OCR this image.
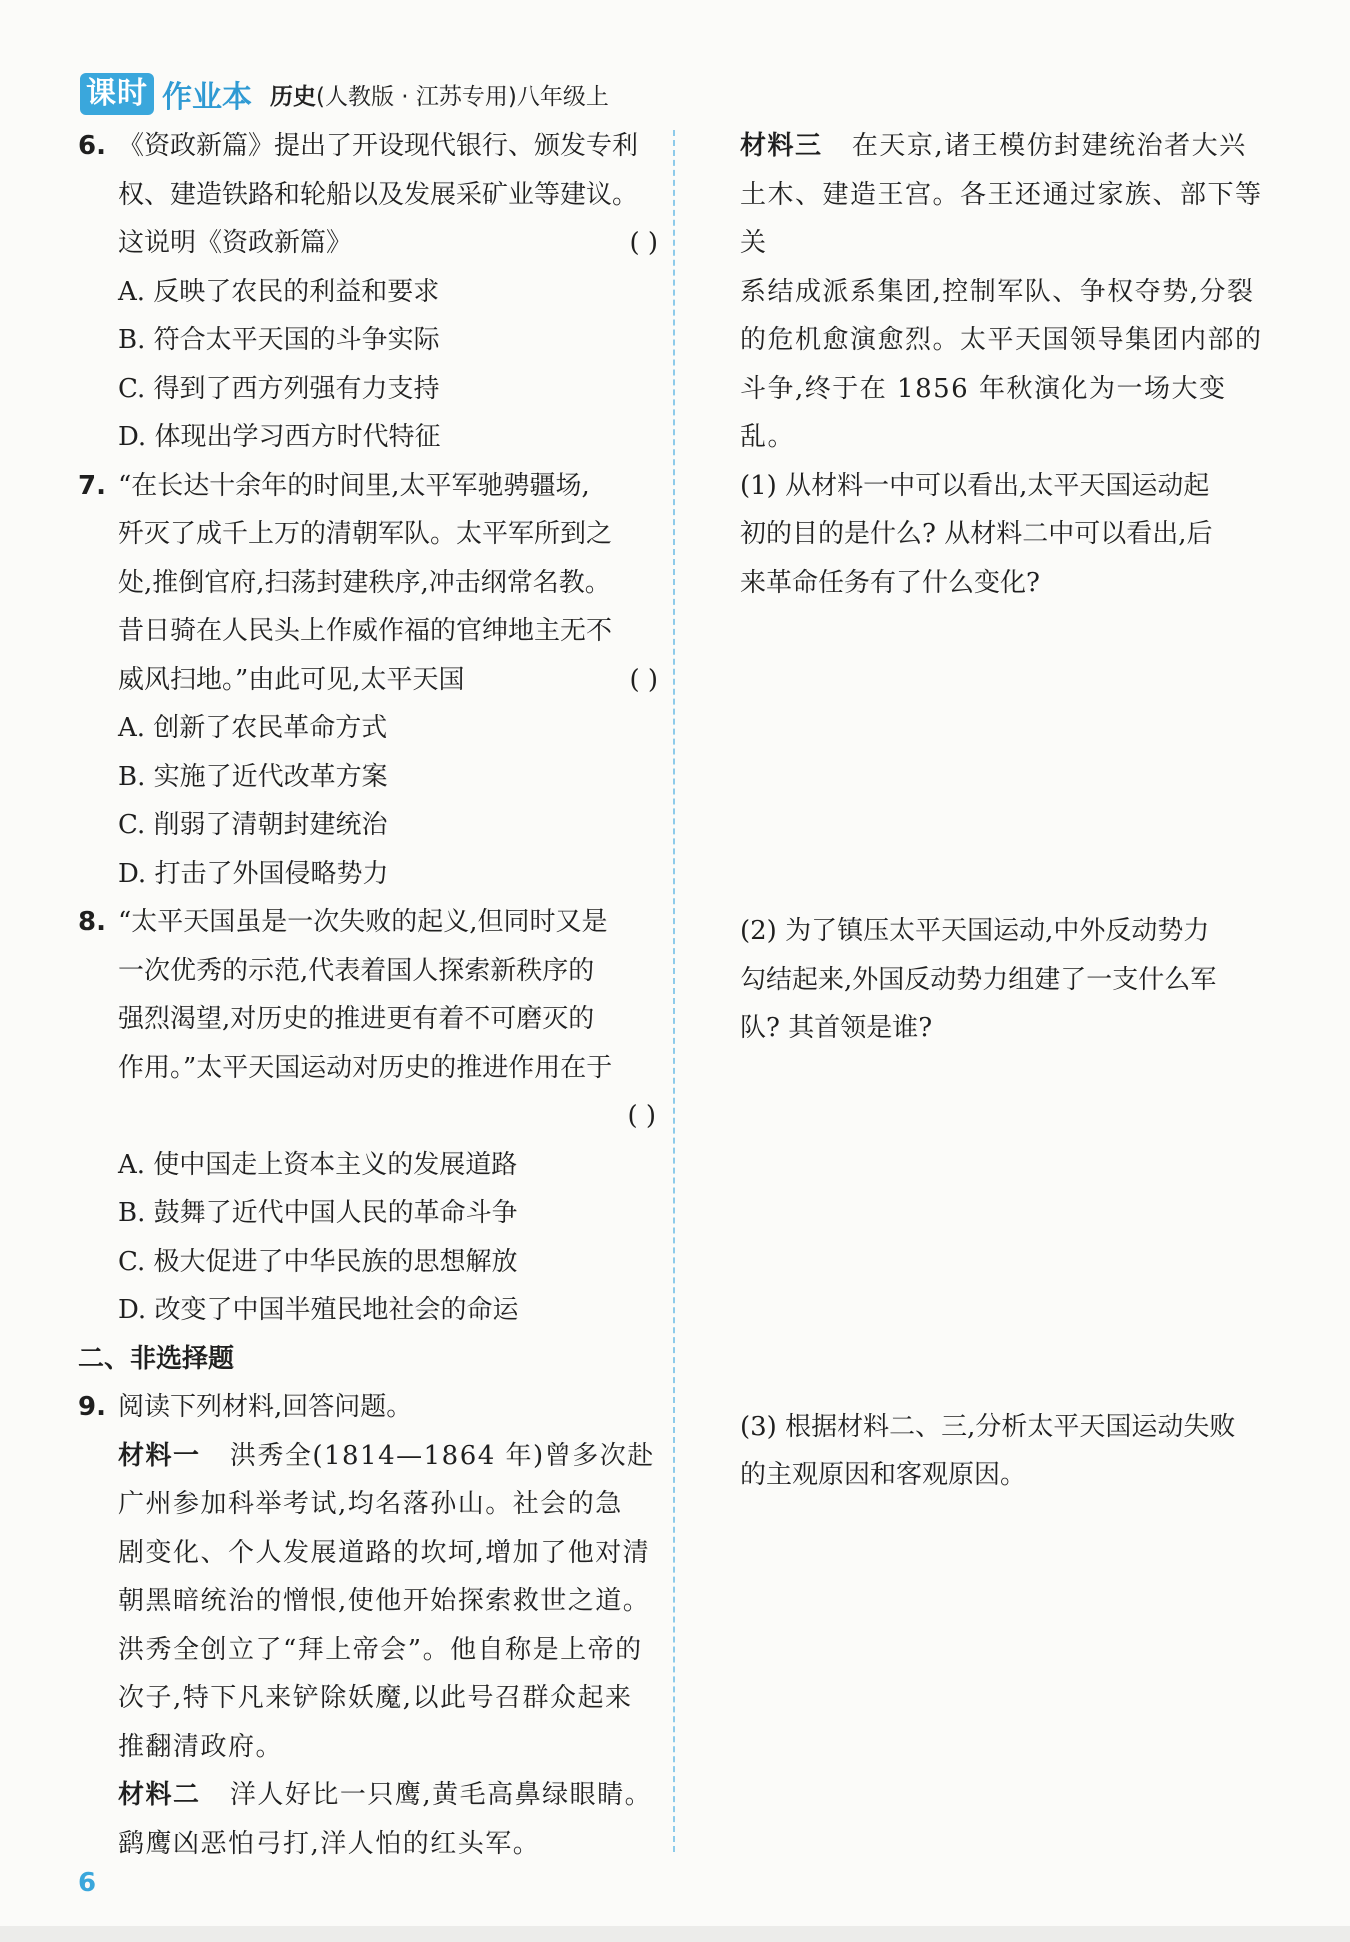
课时 作业本 历史 (人教版 · 江苏专用)八年级上
6. 《资政新篇》提出了开设现代银行、颁发专利
权、建造铁路和轮船以及发展采矿业等建议。
这说明《资政新篇》	( )
A. 反映了农民的利益和要求
B. 符合太平天国的斗争实际
C. 得到了西方列强有力支持
D. 体现出学习西方时代特征
7. “在长达十余年的时间里,太平军驰骋疆场,
歼灭了成千上万的清朝军队。太平军所到之
处,推倒官府,扫荡封建秩序,冲击纲常名教。
昔日骑在人民头上作威作福的官绅地主无不
威风扫地。”由此可见,太平天国	( )
A. 创新了农民革命方式
B. 实施了近代改革方案
C. 削弱了清朝封建统治
D. 打击了外国侵略势力
8. “太平天国虽是一次失败的起义,但同时又是
一次优秀的示范,代表着国人探索新秩序的
强烈渴望,对历史的推进更有着不可磨灭的
作用。”太平天国运动对历史的推进作用在于
( )
A. 使中国走上资本主义的发展道路
B. 鼓舞了近代中国人民的革命斗争
C. 极大促进了中华民族的思想解放
D. 改变了中国半殖民地社会的命运
二、非选择题
9. 阅读下列材料,回答问题。
材料一 洪秀全(1814—1864 年)曾多次赴
广州参加科举考试,均名落孙山。社会的急
剧变化、个人发展道路的坎坷,增加了他对清
朝黑暗统治的憎恨,使他开始探索救世之道。
洪秀全创立了“拜上帝会”。他自称是上帝的
次子,特下凡来铲除妖魔,以此号召群众起来
推翻清政府。
材料二 洋人好比一只鹰,黄毛高鼻绿眼睛。
鹞鹰凶恶怕弓打,洋人怕的红头军。
材料三 在天京,诸王模仿封建统治者大兴
土木、建造王宫。各王还通过家族、部下等关
系结成派系集团,控制军队、争权夺势,分裂
的危机愈演愈烈。太平天国领导集团内部的
斗争,终于在 1856 年秋演化为一场大变乱。
(1) 从材料一中可以看出,太平天国运动起
初的目的是什么? 从材料二中可以看出,后
来革命任务有了什么变化?
(2) 为了镇压太平天国运动,中外反动势力
勾结起来,外国反动势力组建了一支什么军
队? 其首领是谁?
(3) 根据材料二、三,分析太平天国运动失败
的主观原因和客观原因。
6
